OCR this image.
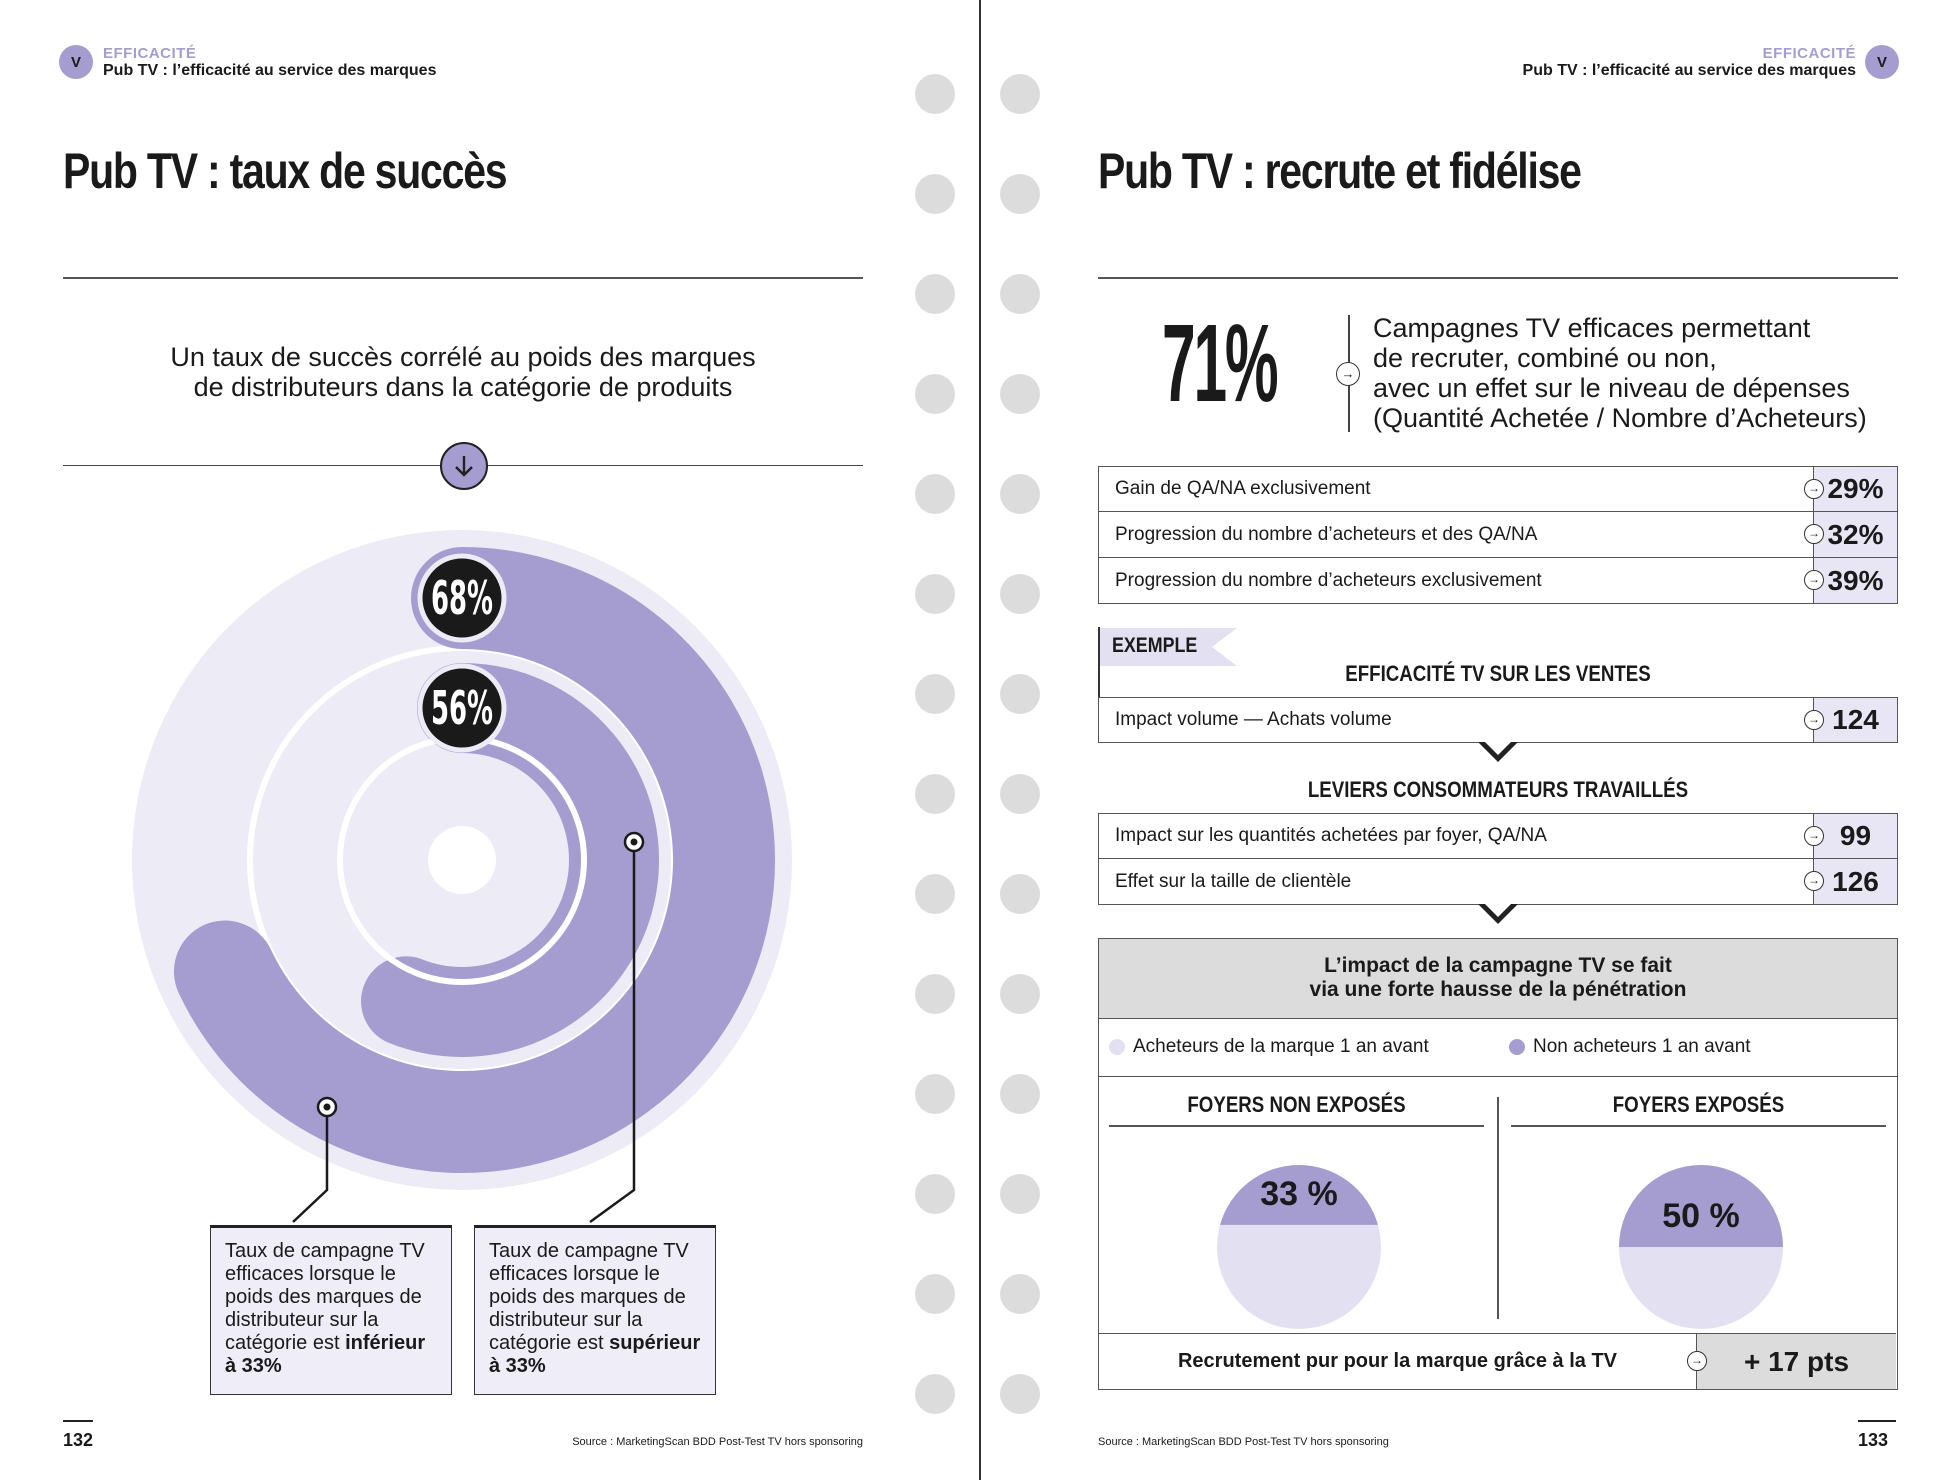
V EFFICACITÉ
Pub TV : l’efficacité au service des marques
Pub TV : taux de succès
Un taux de succès corrélé au poids des marques
de distributeurs dans la catégorie de produits
68%
56%
Taux de campagne TV efficaces lorsque le poids des marques de distributeur sur la catégorie est inférieur à 33%
Taux de campagne TV efficaces lorsque le poids des marques de distributeur sur la catégorie est supérieur à 33%
132	Source : MarketingScan BDD Post-Test TV hors sponsoring
V
EFFICACITÉ
Pub TV : l’efficacité au service des marques
Pub TV : recrute et fidélise
71%	→
Campagnes TV efficaces permettant
de recruter, combiné ou non,
avec un effet sur le niveau de dépenses
(Quantité Achetée / Nombre d’Acheteurs)
Gain de QA/NA exclusivement	→ 29%
Progression du nombre d’acheteurs et des QA/NA	→ 32%
Progression du nombre d’acheteurs exclusivement	→ 39%
EXEMPLE
EFFICACITÉ TV SUR LES VENTES
Impact volume — Achats volume	→ 124
LEVIERS CONSOMMATEURS TRAVAILLÉS
Impact sur les quantités achetées par foyer, QA/NA	→ 99
Effet sur la taille de clientèle	→ 126
L’impact de la campagne TV se fait
via une forte hausse de la pénétration
Acheteurs de la marque 1 an avant	Non acheteurs 1 an avant
FOYERS NON EXPOSÉS	FOYERS EXPOSÉS
33 %
50 %
Recrutement pur pour la marque grâce à la TV	→ + 17 pts
133
Source : MarketingScan BDD Post-Test TV hors sponsoring
